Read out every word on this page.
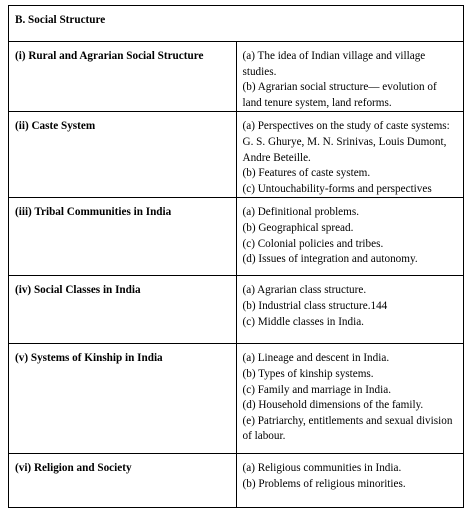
B. Social Structure	
(i) Rural and Agrarian Social Structure	(a) The idea of Indian village and village studies.
(b) Agrarian social structure— evolution of land tenure system, land reforms.

(ii) Caste System	(a) Perspectives on the study of caste systems: G. S. Ghurye, M. N. Srinivas, Louis Dumont, Andre Beteille.
(b) Features of caste system.
(c) Untouchability-forms and perspectives

(iii) Tribal Communities in India	(a) Definitional problems.
(b) Geographical spread.
(c) Colonial policies and tribes.
(d) Issues of integration and autonomy.

(iv) Social Classes in India	(a) Agrarian class structure.
(b) Industrial class structure.144
(c) Middle classes in India.

(v) Systems of Kinship in India	(a) Lineage and descent in India.
(b) Types of kinship systems.
(c) Family and marriage in India.
(d) Household dimensions of the family.
(e) Patriarchy, entitlements and sexual division of labour.

(vi) Religion and Society	(a) Religious communities in India.
(b) Problems of religious minorities.
